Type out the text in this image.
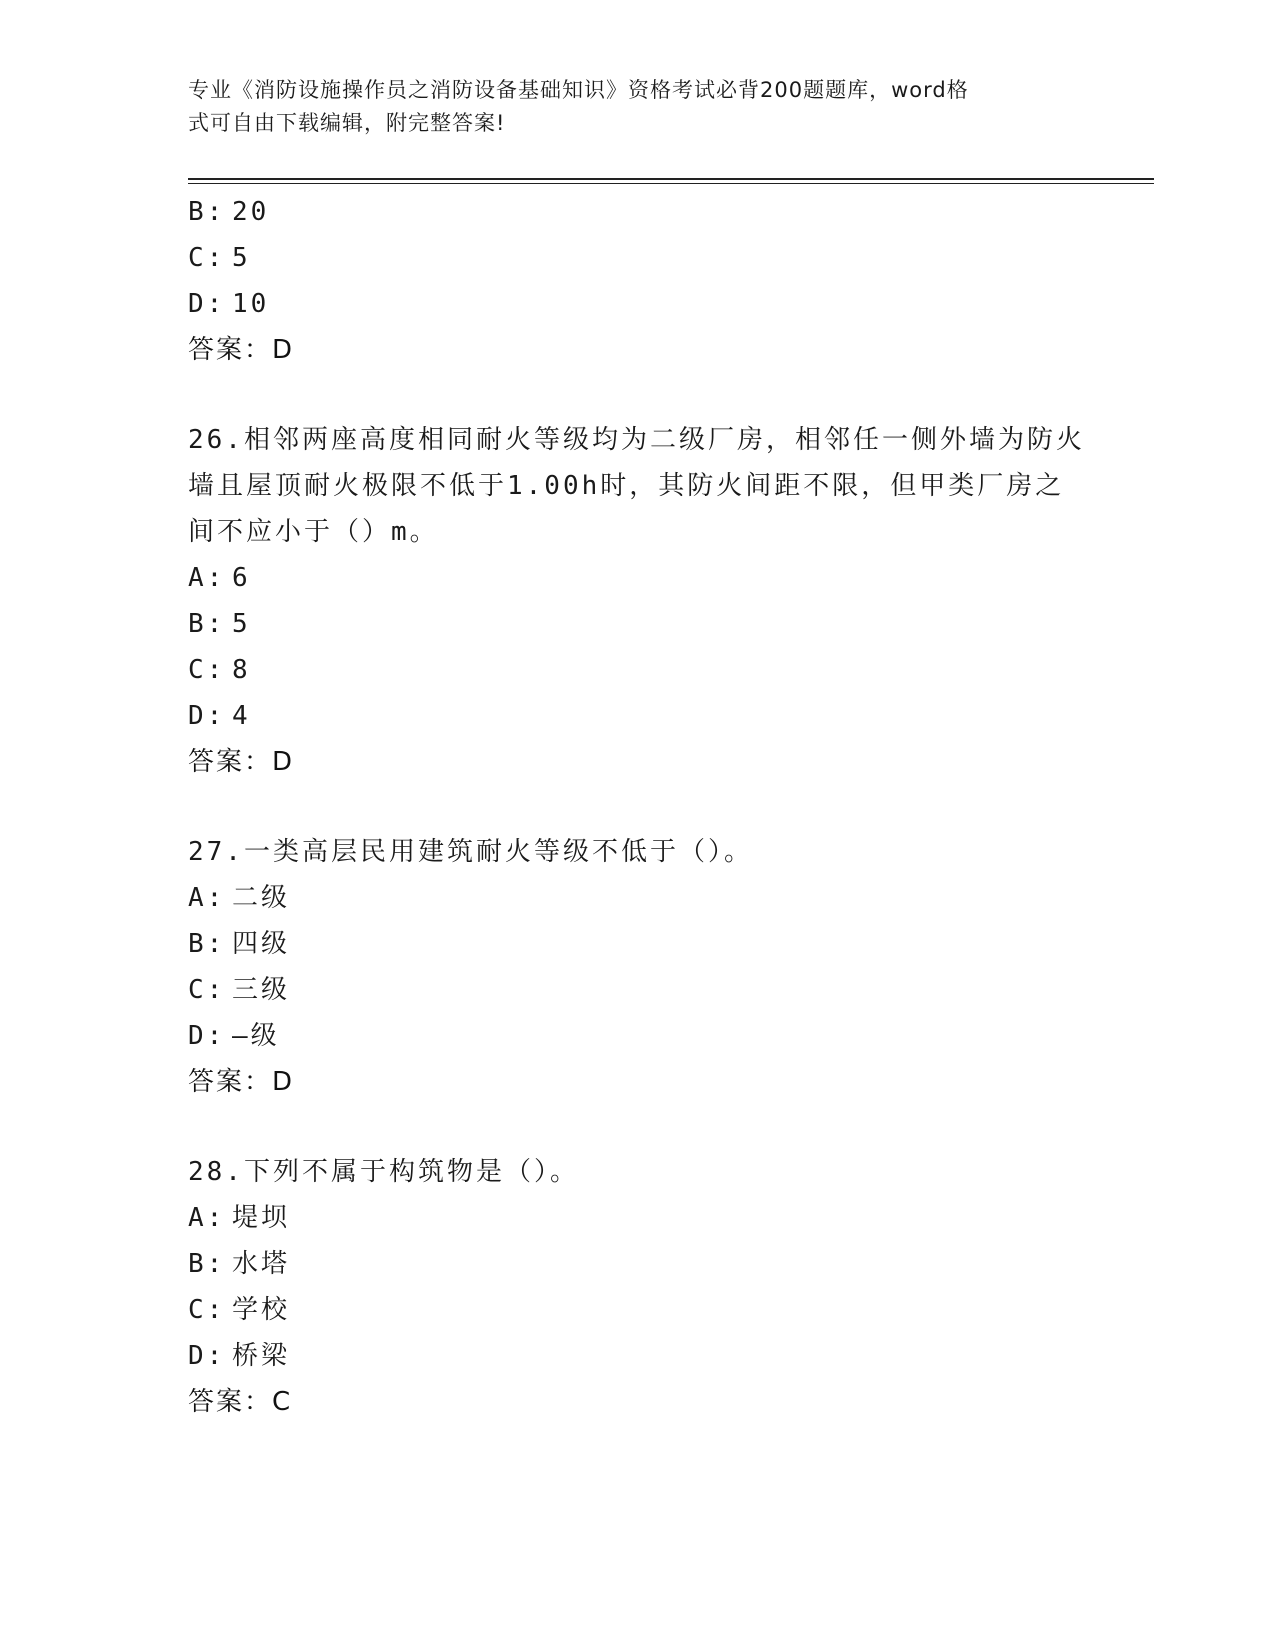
专业《消防设施操作员之消防设备基础知识》资格考试必背200题题库，word格
式可自由下载编辑，附完整答案!
B: 20
C: 5
D: 10
答案：D
26.相邻两座高度相同耐火等级均为二级厂房，相邻任一侧外墙为防火
墙且屋顶耐火极限不低于1.00h时，其防火间距不限，但甲类厂房之
间不应小于（）m。
A: 6
B: 5
C: 8
D: 4
答案：D
27.一类高层民用建筑耐火等级不低于（）。
A: 二级
B: 四级
C: 三级
D: —级
答案：D
28.下列不属于构筑物是（）。
A: 堤坝
B: 水塔
C: 学校
D: 桥梁
答案：C
